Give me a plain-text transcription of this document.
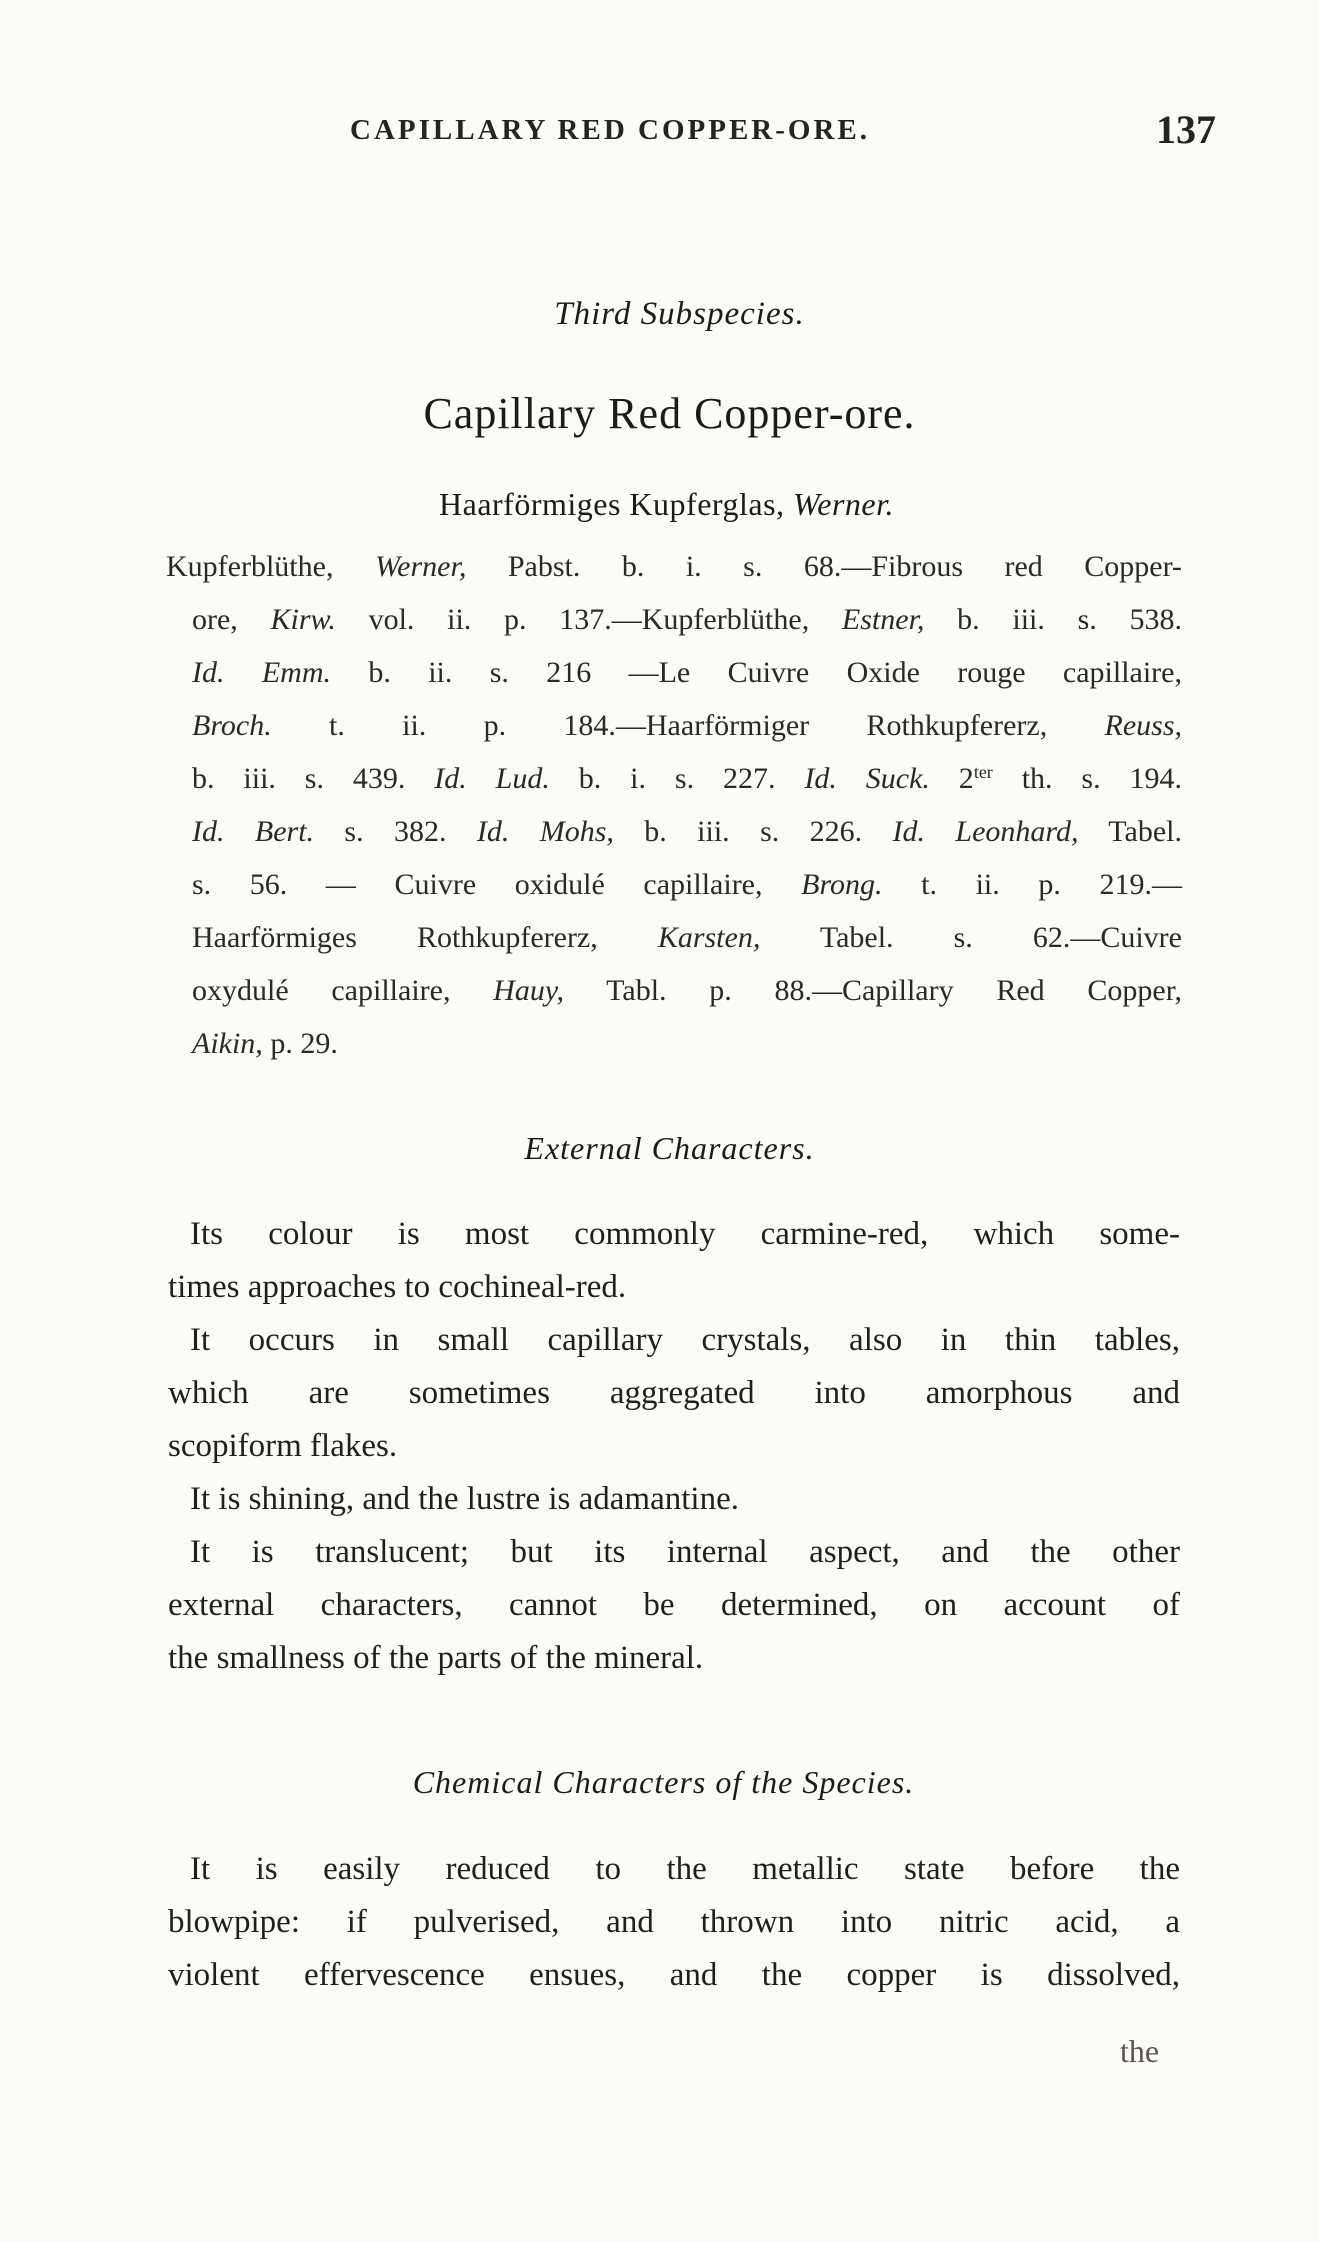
CAPILLARY RED COPPER-ORE.	137
Third Subspecies.
Capillary Red Copper-ore.
Haarförmiges Kupferglas, Werner.
Kupferblüthe, Werner, Pabst. b. i. s. 68.—Fibrous red Copper-
ore, Kirw. vol. ii. p. 137.—Kupferblüthe, Estner, b. iii. s. 538.
Id. Emm. b. ii. s. 216 —Le Cuivre Oxide rouge capillaire,
Broch. t. ii. p. 184.—Haarförmiger Rothkupfererz, Reuss,
b. iii. s. 439. Id. Lud. b. i. s. 227. Id. Suck. $2^{ter}$ th. s. 194.
Id. Bert. s. 382. Id. Mohs, b. iii. s. 226. Id. Leonhard, Tabel.
s. 56. — Cuivre oxidulé capillaire, Brong. t. ii. p. 219.—
Haarförmiges Rothkupfererz, Karsten, Tabel. s. 62.—Cuivre
oxydulé capillaire, Hauy, Tabl. p. 88.—Capillary Red Copper,
Aikin, p. 29.
External Characters.
Its colour is most commonly carmine-red, which some-
times approaches to cochineal-red.
It occurs in small capillary crystals, also in thin tables,
which are sometimes aggregated into amorphous and
scopiform flakes.
It is shining, and the lustre is adamantine.
It is translucent; but its internal aspect, and the other
external characters, cannot be determined, on account of
the smallness of the parts of the mineral.
Chemical Characters of the Species.
It is easily reduced to the metallic state before the
blowpipe: if pulverised, and thrown into nitric acid, a
violent effervescence ensues, and the copper is dissolved,
the
